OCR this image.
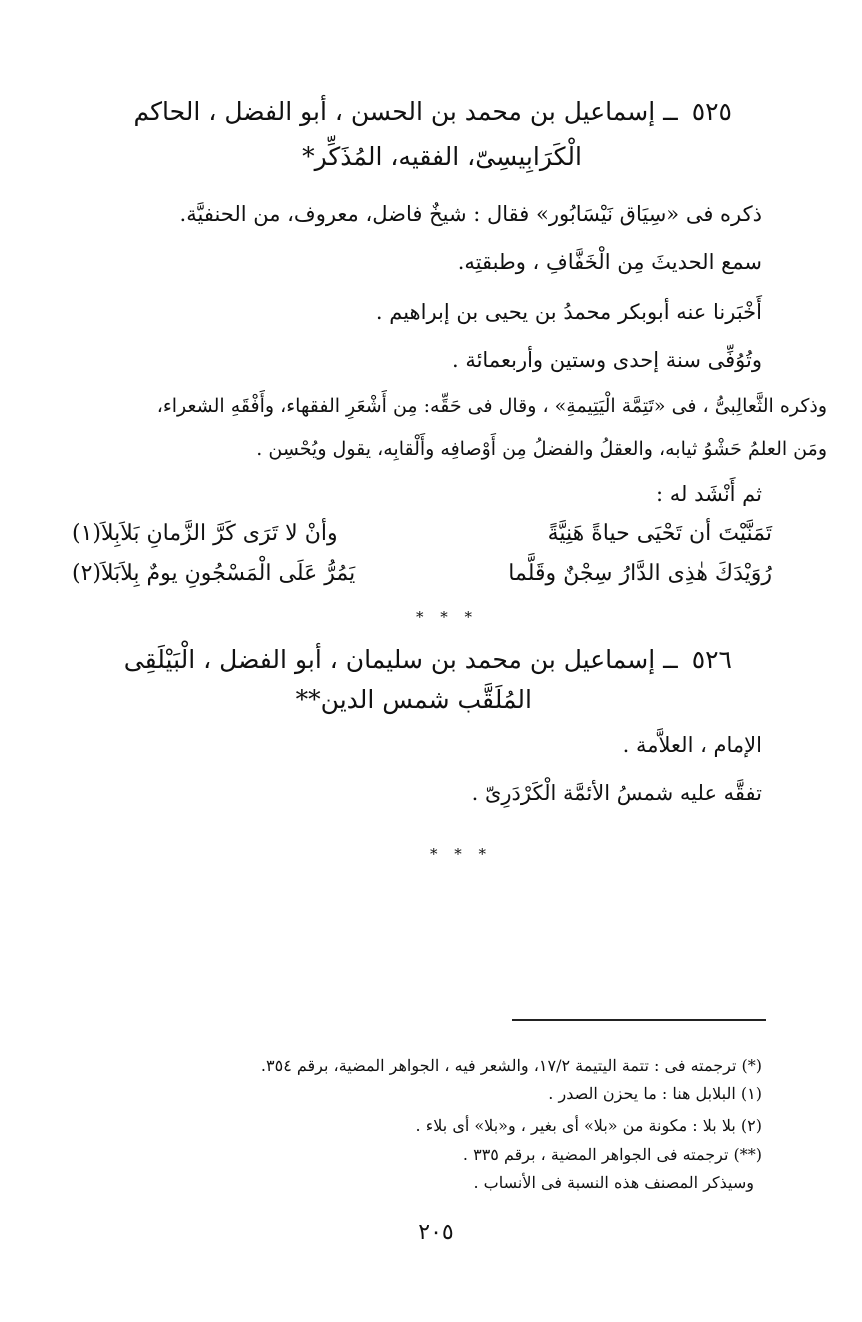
٥٢٥ ــ إسماعيل بن محمد بن الحسن ، أبو الفضل ، الحاكم
الْكَرَابِيسِىّ، الفقيه، المُذَكِّر*
ذكره فى «سِيَاق نَيْسَابُور» فقال : شيخٌ فاضل، معروف، من الحنفيَّة.
سمع الحديثَ مِن الْخَفَّافِ ، وطبقتِه.
أَخْبَرنا عنه أبوبكر محمدُ بن يحيى بن إبراهيم .
وتُوُفِّى سنة إحدى وستين وأربعمائة .
وذكره الثَّعالِبىُّ ، فى «تَتِمَّة الْيَتِيمةِ» ، وقال فى حَقِّه: مِن أَشْعَرِ الفقهاء، وأَفْقَهِ الشعراء،
ومَن العلمُ حَشْوُ ثيابه، والعقلُ والفضلُ مِن أَوْصافِه وأَلْقابِه، يقول ويُحْسِن .
ثم أَنْشَد له :
تَمَنَّيْتَ أن تَحْيَى حياةً هَنِيَّةً
وأنْ لا تَرَى كَرَّ الزَّمانِ بَلاَبِلاَ(١)
رُوَيْدَكَ هٰذِى الدَّارُ سِجْنٌ وقَلَّما
يَمُرُّ عَلَى الْمَسْجُونِ يومٌ بِلاَبَلاَ(٢)
* * *
٥٢٦ ــ إسماعيل بن محمد بن سليمان ، أبو الفضل ، الْبَيْلَقِى
المُلَقَّب شمس الدين**
الإمام ، العلاَّمة .
تفقَّه عليه شمسُ الأئمَّة الْكَرْدَرِىّ .
* * *
(*) ترجمته فى : تتمة اليتيمة ١٧/٢، والشعر فيه ، الجواهر المضية، برقم ٣٥٤.
(١) البلابل هنا : ما يحزن الصدر .
(٢) بلا بلا : مكونة من «بلا» أى بغير ، و«بلا» أى بلاء .
(**) ترجمته فى الجواهر المضية ، برقم ٣٣٥ .
وسيذكر المصنف هذه النسبة فى الأنساب .
٢٠٥
